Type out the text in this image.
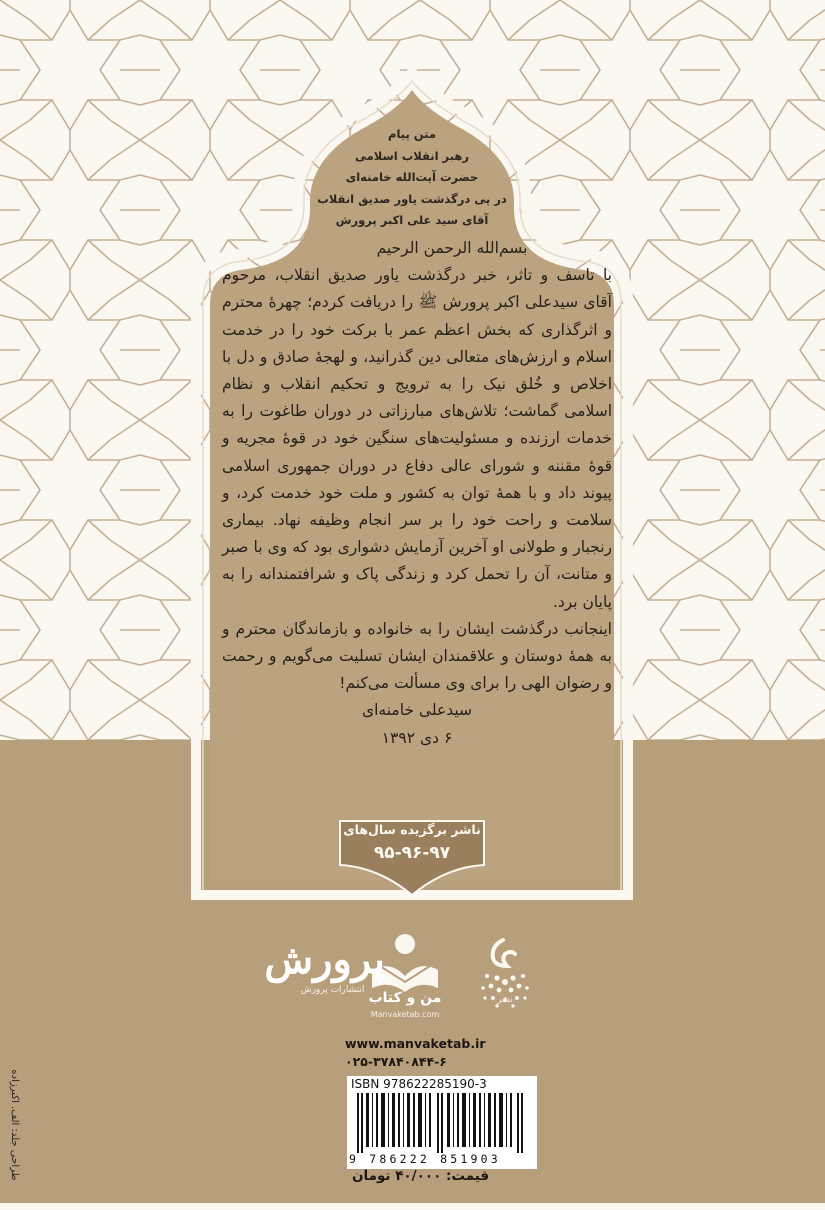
متن پیام
رهبر انقلاب اسلامی
حضرت آیت‌الله خامنه‌ای
در پی درگذشت یاور صدیق انقلاب
آقای سید علی اکبر پرورش

بسم‌الله الرحمن الرحیم

با تاسف و تاثر، خبر درگذشت یاور صدیق انقلاب، مرحوم آقای سیدعلی اکبر پرورش ﷺ را دریافت کردم؛ چهرهٔ محترم و اثرگذاری که بخش اعظم عمر با برکت خود را در خدمت اسلام و ارزش‌های متعالی دین گذرانید، و لهجهٔ صادق و دل با اخلاص و خُلق نیک را به ترویج و تحکیم انقلاب و نظام اسلامی گماشت؛ تلاش‌های مبارزاتی در دوران طاغوت را به خدمات ارزنده و مسئولیت‌های سنگین خود در قوهٔ مجریه و قوهٔ مقننه و شورای عالی دفاع در دوران جمهوری اسلامی پیوند داد و با همهٔ توان به کشور و ملت خود خدمت کرد، و سلامت و راحت خود را بر سر انجام وظیفه نهاد. بیماری رنجبار و طولانی او آخرین آزمایش دشواری بود که وی با صبر و متانت، آن را تحمل کرد و زندگی پاک و شرافتمندانه را به پایان برد.

اینجانب درگذشت ایشان را به خانواده و بازماندگان محترم و به همهٔ دوستان و علاقمندان ایشان تسلیت می‌گویم و رحمت و رضوان الهی را برای وی مسألت می‌کنم!

سیدعلی خامنه‌ای

۶ دی ۱۳۹۲

ناشر برگزیده سال‌های
۹۵-۹۶-۹۷
نشر
من و کتاب
Manvaketab.com
پرورش
انتشارات پرورش
www.manvaketab.ir
۰۲۵-۳۷۸۴۰۸۴۴-۶
ISBN 978622285190-3
9 786222 851903
قیمت: ۴۰/۰۰۰ تومان
طراحی جلد: الف. اکبرزاده
